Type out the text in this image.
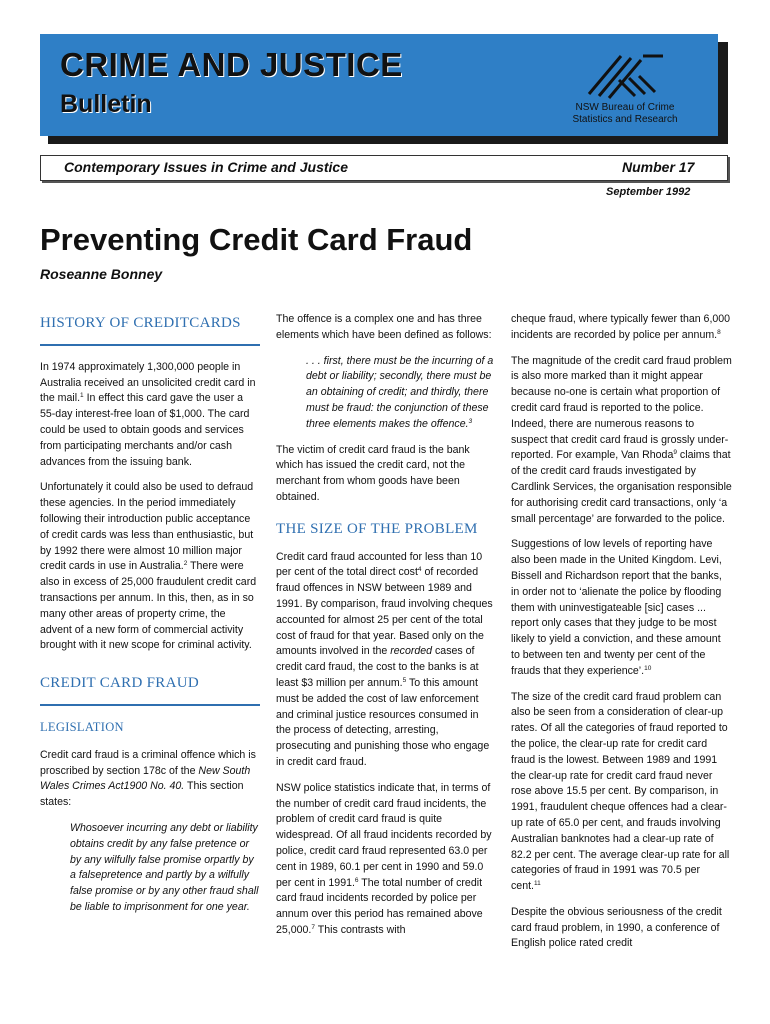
CRIME AND JUSTICE
Bulletin	NSW Bureau of Crime
Statistics and Research
Contemporary Issues in Crime and Justice	Number 17
September 1992
Preventing Credit Card Fraud
Roseanne Bonney
HISTORY OF CREDITCARDS

In 1974 approximately 1,300,000 people in Australia received an unsolicited credit card in the mail.$^1$ In effect this card gave the user a 55-day interest-free loan of $1,000. The card could be used to obtain goods and services from participating merchants and/or cash advances from the issuing bank.

Unfortunately it could also be used to defraud these agencies. In the period immediately following their introduction public acceptance of credit cards was less than enthusiastic, but by 1992 there were almost 10 million major credit cards in use in Australia.$^2$ There were also in excess of 25,000 fraudulent credit card transactions per annum. In this, then, as in so many other areas of property crime, the advent of a new form of commercial activity brought with it new scope for criminal activity.

CREDIT CARD FRAUD
LEGISLATION

Credit card fraud is a criminal offence which is proscribed by section 178c of the New South Wales Crimes Act1900 No. 40. This section states:

Whosoever incurring any debt or liability obtains credit by any false pretence or by any wilfully false promise orpartly by a falsepretence and partly by a wilfully false promise or by any other fraud shall be liable to imprisonment for one year.

The offence is a complex one and has three elements which have been defined as follows:

. . . first, there must be the incurring of a debt or liability; secondly, there must be an obtaining of credit; and thirdly, there must be fraud: the conjunction of these three elements makes the offence.$^3$

The victim of credit card fraud is the bank which has issued the credit card, not the merchant from whom goods have been obtained.

THE SIZE OF THE PROBLEM

Credit card fraud accounted for less than 10 per cent of the total direct cost$^4$ of recorded fraud offences in NSW between 1989 and 1991. By comparison, fraud involving cheques accounted for almost 25 per cent of the total cost of fraud for that year. Based only on the amounts involved in the recorded cases of credit card fraud, the cost to the banks is at least $3 million per annum.$^5$ To this amount must be added the cost of law enforcement and criminal justice resources consumed in the process of detecting, arresting, prosecuting and punishing those who engage in credit card fraud.

NSW police statistics indicate that, in terms of the number of credit card fraud incidents, the problem of credit card fraud is quite widespread. Of all fraud incidents recorded by police, credit card fraud represented 63.0 per cent in 1989, 60.1 per cent in 1990 and 59.0 per cent in 1991.$^6$ The total number of credit card fraud incidents recorded by police per annum over this period has remained above 25,000.$^7$ This contrasts with

cheque fraud, where typically fewer than 6,000 incidents are recorded by police per annum.$^8$

The magnitude of the credit card fraud problem is also more marked than it might appear because no-one is certain what proportion of credit card fraud is reported to the police. Indeed, there are numerous reasons to suspect that credit card fraud is grossly under-reported. For example, Van Rhoda$^9$ claims that of the credit card frauds investigated by Cardlink Services, the organisation responsible for authorising credit card transactions, only ‘a small percentage’ are forwarded to the police.

Suggestions of low levels of reporting have also been made in the United Kingdom. Levi, Bissell and Richardson report that the banks, in order not to ‘alienate the police by flooding them with uninvestigateable [sic] cases ... report only cases that they judge to be most likely to yield a conviction, and these amount to between ten and twenty per cent of the frauds that they experience’.$^{10}$

The size of the credit card fraud problem can also be seen from a consideration of clear-up rates. Of all the categories of fraud reported to the police, the clear-up rate for credit card fraud is the lowest. Between 1989 and 1991 the clear-up rate for credit card fraud never rose above 15.5 per cent. By comparison, in 1991, fraudulent cheque offences had a clear-up rate of 65.0 per cent, and frauds involving Australian banknotes had a clear-up rate of 82.2 per cent. The average clear-up rate for all categories of fraud in 1991 was 70.5 per cent.$^{11}$

Despite the obvious seriousness of the credit card fraud problem, in 1990, a conference of English police rated credit
